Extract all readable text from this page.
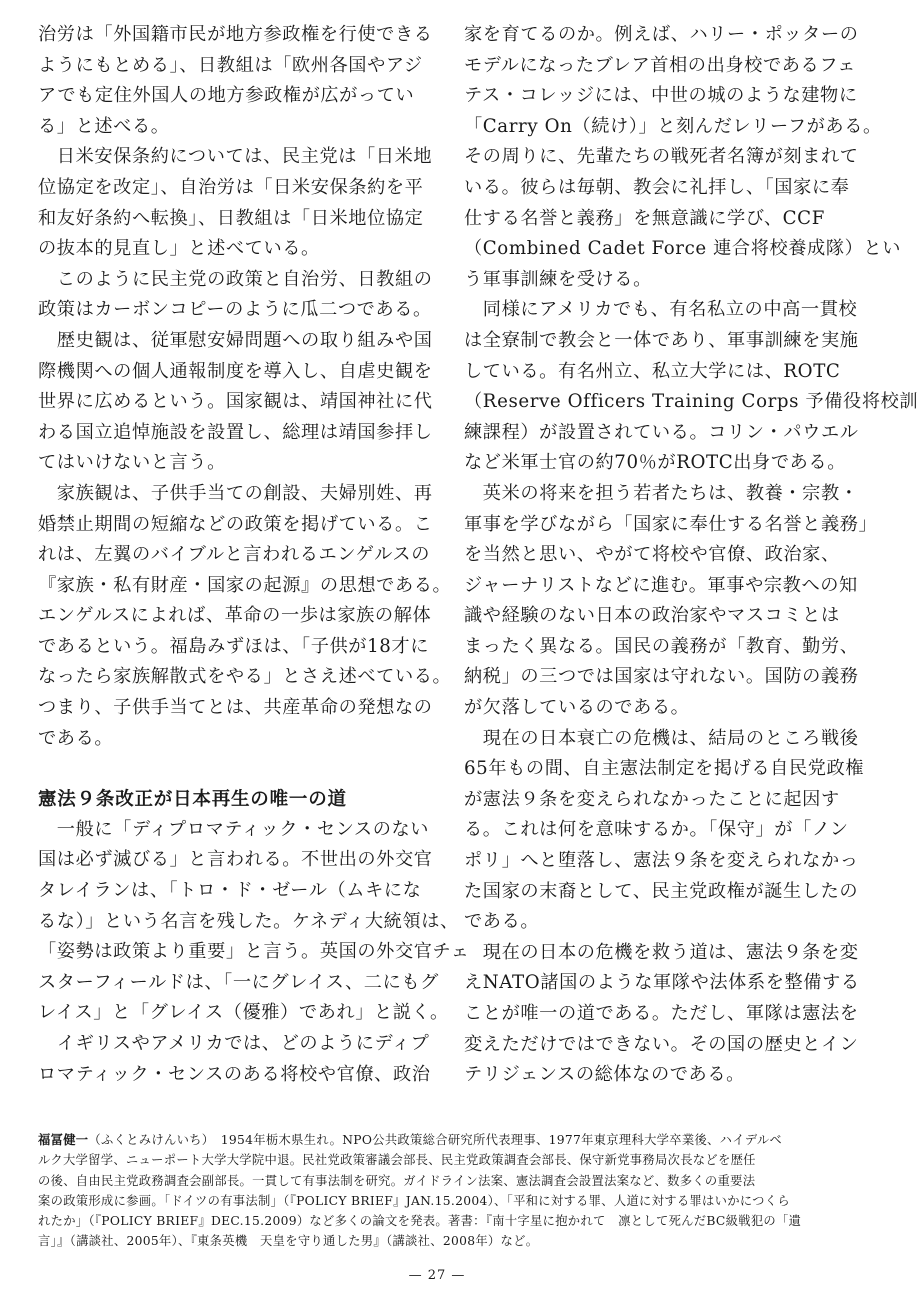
治労は「外国籍市民が地方参政権を行使できる
ようにもとめる」、日教組は「欧州各国やアジ
アでも定住外国人の地方参政権が広がってい
る」と述べる。
　日米安保条約については、民主党は「日米地
位協定を改定」、自治労は「日米安保条約を平
和友好条約へ転換」、日教組は「日米地位協定
の抜本的見直し」と述べている。
　このように民主党の政策と自治労、日教組の
政策はカーボンコピーのように瓜二つである。
　歴史観は、従軍慰安婦問題への取り組みや国
際機関への個人通報制度を導入し、自虐史観を
世界に広めるという。国家観は、靖国神社に代
わる国立追悼施設を設置し、総理は靖国参拝し
てはいけないと言う。
　家族観は、子供手当ての創設、夫婦別姓、再
婚禁止期間の短縮などの政策を掲げている。こ
れは、左翼のバイブルと言われるエンゲルスの
『家族・私有財産・国家の起源』の思想である。
エンゲルスによれば、革命の一歩は家族の解体
であるという。福島みずほは、「子供が18才に
なったら家族解散式をやる」とさえ述べている。
つまり、子供手当てとは、共産革命の発想なの
である。
憲法９条改正が日本再生の唯一の道
　一般に「ディプロマティック・センスのない
国は必ず滅びる」と言われる。不世出の外交官
タレイランは、「トロ・ド・ゼール（ムキにな
るな）」という名言を残した。ケネディ大統領は、
「姿勢は政策より重要」と言う。英国の外交官チェ
スターフィールドは、「一にグレイス、二にもグ
レイス」と「グレイス（優雅）であれ」と説く。
　イギリスやアメリカでは、どのようにディプ
ロマティック・センスのある将校や官僚、政治
家を育てるのか。例えば、ハリー・ポッターの
モデルになったブレア首相の出身校であるフェ
テス・コレッジには、中世の城のような建物に
「Carry On（続け）」と刻んだレリーフがある。
その周りに、先輩たちの戦死者名簿が刻まれて
いる。彼らは毎朝、教会に礼拝し、「国家に奉
仕する名誉と義務」を無意識に学び、CCF
（Combined Cadet Force 連合将校養成隊）とい
う軍事訓練を受ける。
　同様にアメリカでも、有名私立の中高一貫校
は全寮制で教会と一体であり、軍事訓練を実施
している。有名州立、私立大学には、ROTC
（Reserve Officers Training Corps 予備役将校訓
練課程）が設置されている。コリン・パウエル
など米軍士官の約70％がROTC出身である。
　英米の将来を担う若者たちは、教養・宗教・
軍事を学びながら「国家に奉仕する名誉と義務」
を当然と思い、やがて将校や官僚、政治家、
ジャーナリストなどに進む。軍事や宗教への知
識や経験のない日本の政治家やマスコミとは
まったく異なる。国民の義務が「教育、勤労、
納税」の三つでは国家は守れない。国防の義務
が欠落しているのである。
　現在の日本衰亡の危機は、結局のところ戦後
65年もの間、自主憲法制定を掲げる自民党政権
が憲法９条を変えられなかったことに起因す
る。これは何を意味するか。「保守」が「ノン
ポリ」へと堕落し、憲法９条を変えられなかっ
た国家の末裔として、民主党政権が誕生したの
である。
　現在の日本の危機を救う道は、憲法９条を変
えNATO諸国のような軍隊や法体系を整備する
ことが唯一の道である。ただし、軍隊は憲法を
変えただけではできない。その国の歴史とイン
テリジェンスの総体なのである。
福冨健一（ふくとみけんいち）　1954年栃木県生れ。NPO公共政策総合研究所代表理事、1977年東京理科大学卒業後、ハイデルベ
ルク大学留学、ニューポート大学大学院中退。民社党政策審議会部長、民主党政策調査会部長、保守新党事務局次長などを歴任
の後、自由民主党政務調査会副部長。一貫して有事法制を研究。ガイドライン法案、憲法調査会設置法案など、数多くの重要法
案の政策形成に参画。「ドイツの有事法制」（『POLICY BRIEF』JAN.15.2004）、「平和に対する罪、人道に対する罪はいかにつくら
れたか」（『POLICY BRIEF』DEC.15.2009）など多くの論文を発表。著書：『南十字星に抱かれて　凛として死んだBC級戦犯の「遺
言」』（講談社、2005年）、『東条英機　天皇を守り通した男』（講談社、2008年）など。
— 27 —
